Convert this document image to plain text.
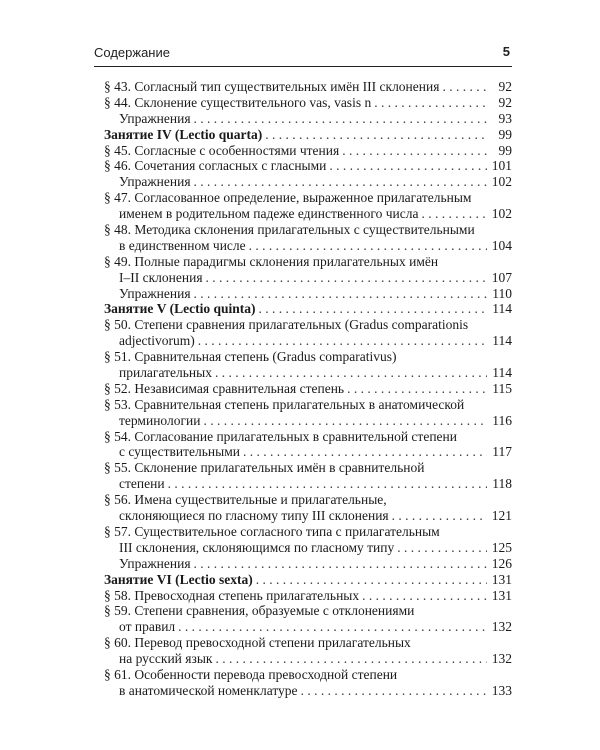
Содержание	5
§ 43. Согласный тип существительных имён III склонения . . .	92
§ 44. Склонение существительного vas, vasis n . . .	92
Упражнения . . .	93
Занятие IV (Lectio quarta) . . .	99
§ 45. Согласные с особенностями чтения . . .	99
§ 46. Сочетания согласных с гласными . . .	101
Упражнения . . .	102
§ 47. Согласованное определение, выраженное прилагательным
именем в родительном падеже единственного числа . . .	102
§ 48. Методика склонения прилагательных с существительными
в единственном числе . . .	104
§ 49. Полные парадигмы склонения прилагательных имён
I–II склонения . . .	107
Упражнения . . .	110
Занятие V (Lectio quinta) . . .	114
§ 50. Степени сравнения прилагательных (Gradus comparationis
adjectivorum) . . .	114
§ 51. Сравнительная степень (Gradus comparativus)
прилагательных . . .	114
§ 52. Независимая сравнительная степень . . .	115
§ 53. Сравнительная степень прилагательных в анатомической
терминологии . . .	116
§ 54. Согласование прилагательных в сравнительной степени
с существительными . . .	117
§ 55. Склонение прилагательных имён в сравнительной
степени . . .	118
§ 56. Имена существительные и прилагательные,
склоняющиеся по гласному типу III склонения . . .	121
§ 57. Существительное согласного типа с прилагательным
III склонения, склоняющимся по гласному типу . . .	125
Упражнения . . .	126
Занятие VI (Lectio sexta) . . .	131
§ 58. Превосходная степень прилагательных . . .	131
§ 59. Степени сравнения, образуемые с отклонениями
от правил . . .	132
§ 60. Перевод превосходной степени прилагательных
на русский язык . . .	132
§ 61. Особенности перевода превосходной степени
в анатомической номенклатуре . . .	133
